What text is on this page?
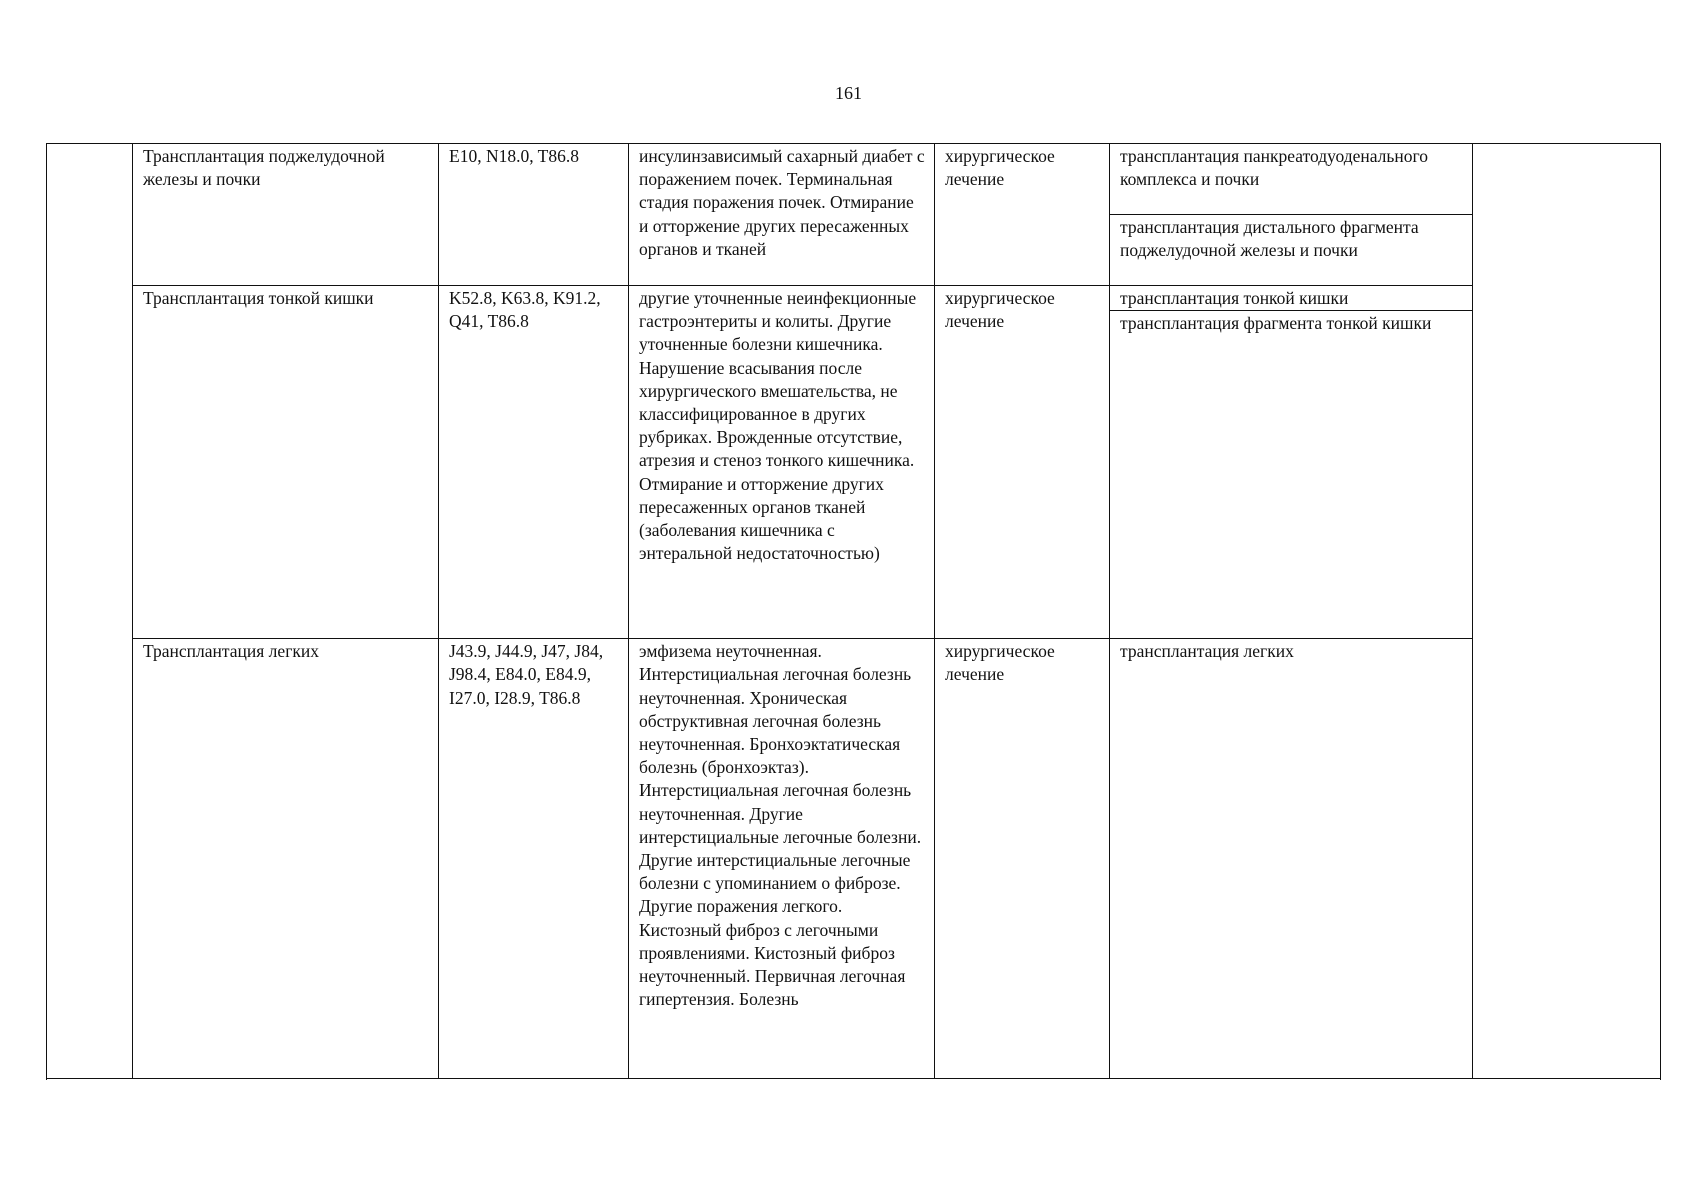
161
	Трансплантация поджелудочной железы и почки	E10, N18.0, T86.8	инсулинзависимый сахарный диабет с поражением почек. Терминальная стадия поражения почек. Отмирание и отторжение других пересаженных органов и тканей	хирургическое лечение	трансплантация панкреатодуоденального комплекса и почки	
					трансплантация дистального фрагмента поджелудочной железы и почки	
	Трансплантация тонкой кишки	K52.8, K63.8, K91.2, Q41, T86.8	другие уточненные неинфекционные гастроэнтериты и колиты. Другие уточненные болезни кишечника. Нарушение всасывания после хирургического вмешательства, не классифицированное в других рубриках. Врожденные отсутствие, атрезия и стеноз тонкого кишечника. Отмирание и отторжение других пересаженных органов тканей (заболевания кишечника с энтеральной недостаточностью)	хирургическое лечение	трансплантация тонкой кишки	
					трансплантация фрагмента тонкой кишки	

	Трансплантация легких	J43.9, J44.9, J47, J84, J98.4, E84.0, E84.9, I27.0, I28.9, T86.8	эмфизема неуточненная. Интерстициальная легочная болезнь неуточненная. Хроническая обструктивная легочная болезнь неуточненная. Бронхоэктатическая болезнь (бронхоэктаз). Интерстициальная легочная болезнь неуточненная. Другие интерстициальные легочные болезни. Другие интерстициальные легочные болезни с упоминанием о фиброзе. Другие поражения легкого. Кистозный фиброз с легочными проявлениями. Кистозный фиброз неуточненный. Первичная легочная гипертензия. Болезнь	хирургическое лечение	трансплантация легких	
